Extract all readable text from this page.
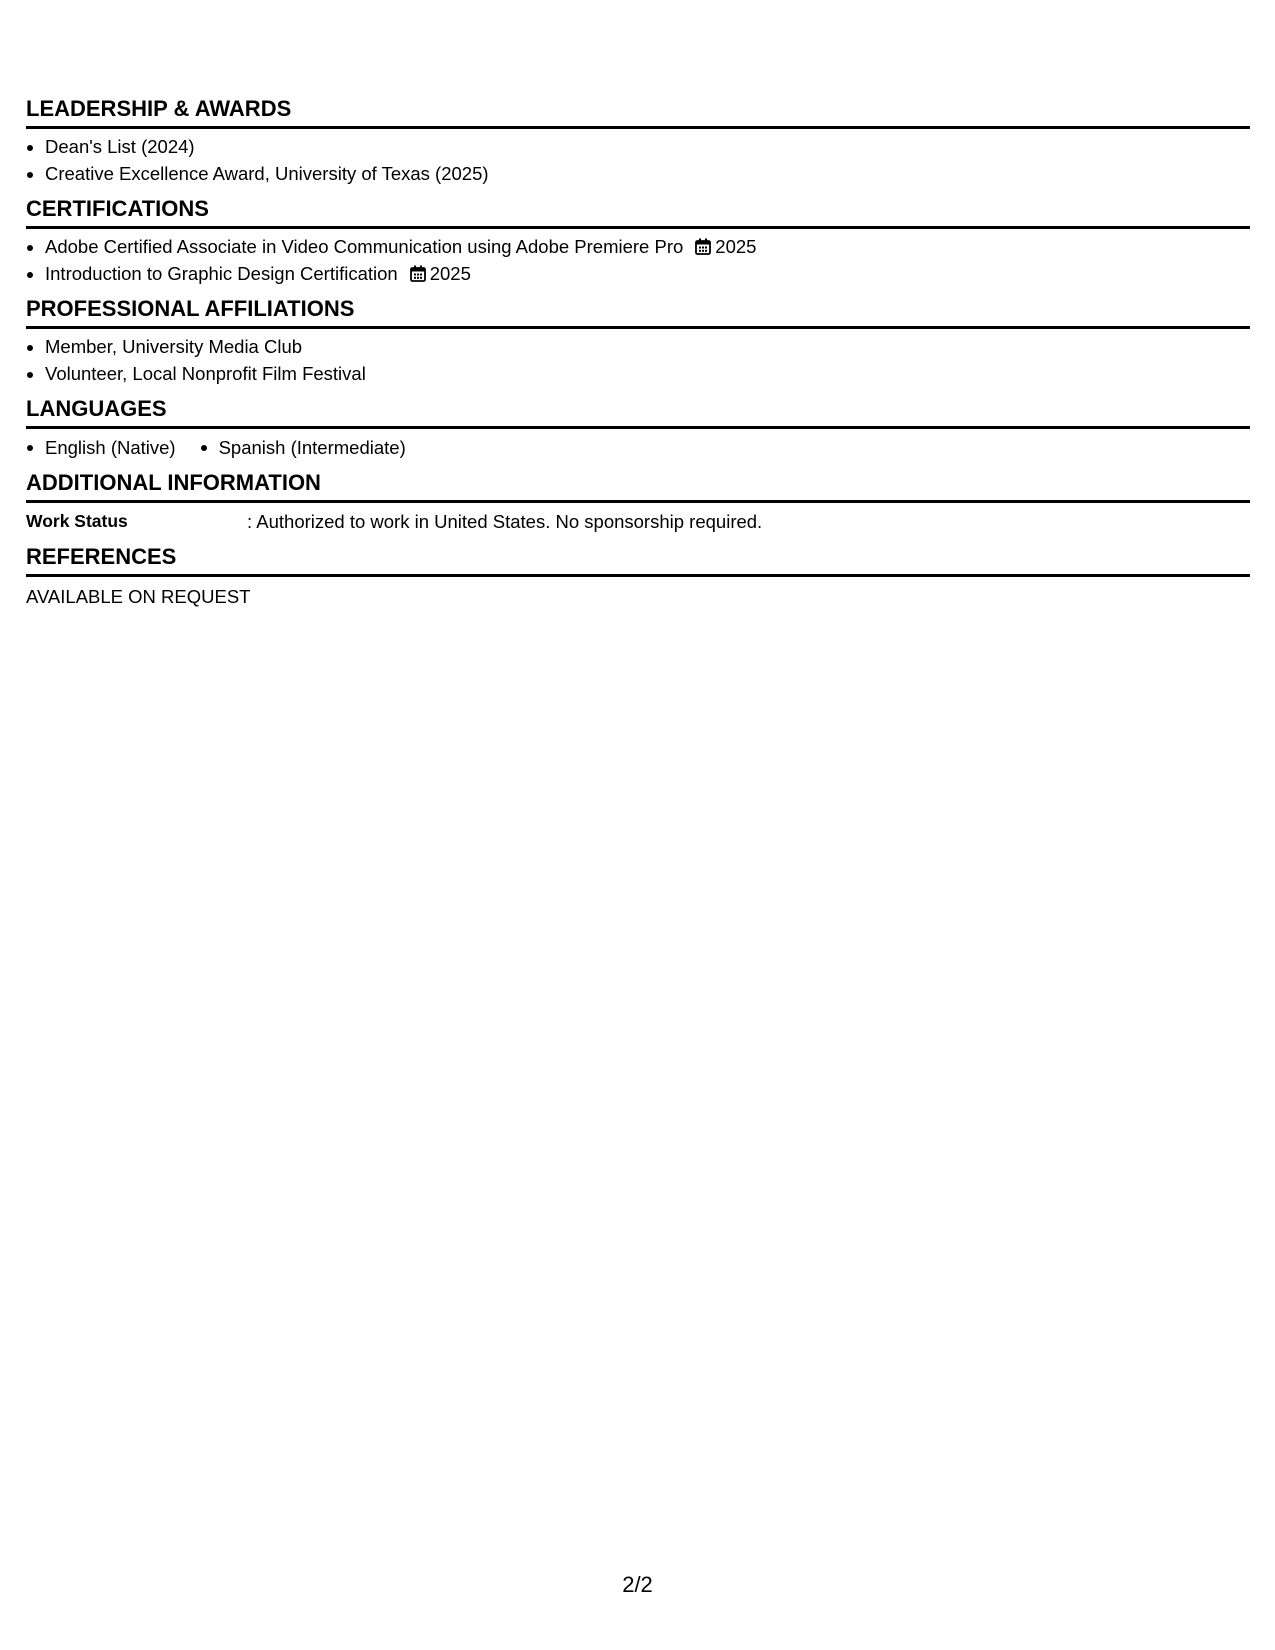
LEADERSHIP & AWARDS
• Dean's List (2024)
• Creative Excellence Award, University of Texas (2025)
CERTIFICATIONS
• Adobe Certified Associate in Video Communication using Adobe Premiere Pro 2025
• Introduction to Graphic Design Certification 2025
PROFESSIONAL AFFILIATIONS
• Member, University Media Club
• Volunteer, Local Nonprofit Film Festival
LANGUAGES
English (Native)	Spanish (Intermediate)
ADDITIONAL INFORMATION
Work Status	: Authorized to work in United States. No sponsorship required.
REFERENCES
AVAILABLE ON REQUEST
2/2
